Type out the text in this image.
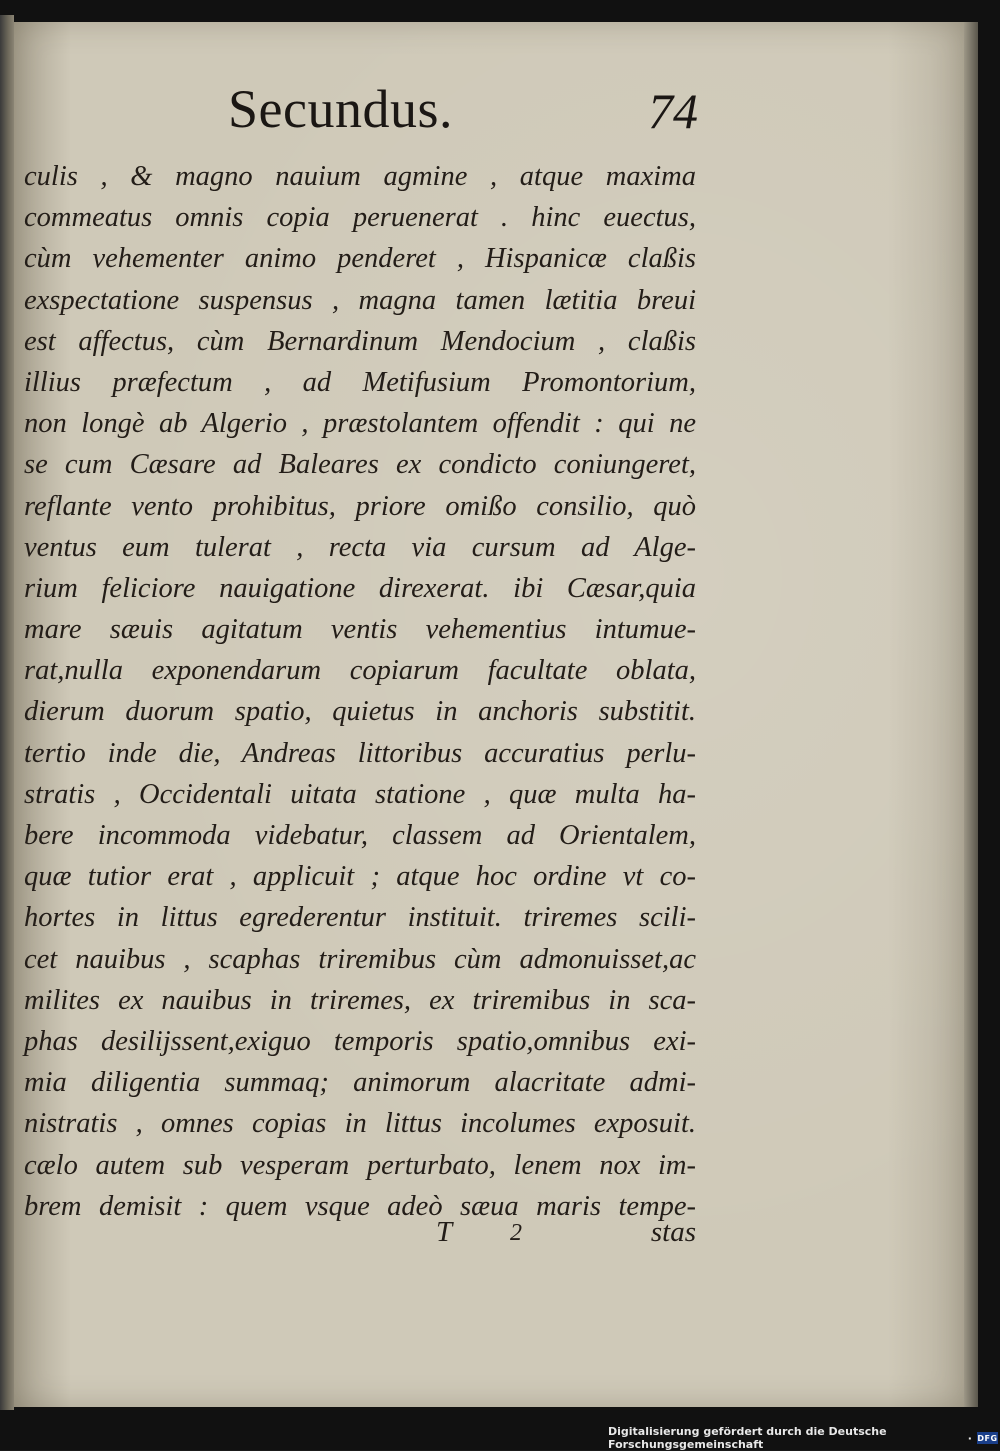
Secundus.	74
culis , & magno nauium agmine , atque maxima
commeatus omnis copia peruenerat . hinc euectus,
cùm vehementer animo penderet , Hispanicæ claßis
exspectatione suspensus , magna tamen lætitia breui
est affectus, cùm Bernardinum Mendocium , claßis
illius præfectum , ad Metifusium Promontorium,
non longè ab Algerio , præstolantem offendit : qui ne
se cum Cæsare ad Baleares ex condicto coniungeret,
reflante vento prohibitus, priore omißo consilio, quò
ventus eum tulerat , recta via cursum ad Alge-
rium feliciore nauigatione direxerat. ibi Cæsar,quia
mare sæuis agitatum ventis vehementius intumue-
rat,nulla exponendarum copiarum facultate oblata,
dierum duorum spatio, quietus in anchoris substitit.
tertio inde die, Andreas littoribus accuratius perlu-
stratis , Occidentali uitata statione , quæ multa ha-
bere incommoda videbatur, classem ad Orientalem,
quæ tutior erat , applicuit ; atque hoc ordine vt co-
hortes in littus egrederentur instituit. triremes scili-
cet nauibus , scaphas triremibus cùm admonuisset,ac
milites ex nauibus in triremes, ex triremibus in sca-
phas desilijssent,exiguo temporis spatio,omnibus exi-
mia diligentia summaq; animorum alacritate admi-
nistratis , omnes copias in littus incolumes exposuit.
cælo autem sub vesperam perturbato, lenem nox im-
brem demisit : quem vsque adeò sæua maris tempe-
T 2	stas
Digitalisierung gefördert durch die Deutsche Forschungsgemeinschaft	· DFG
